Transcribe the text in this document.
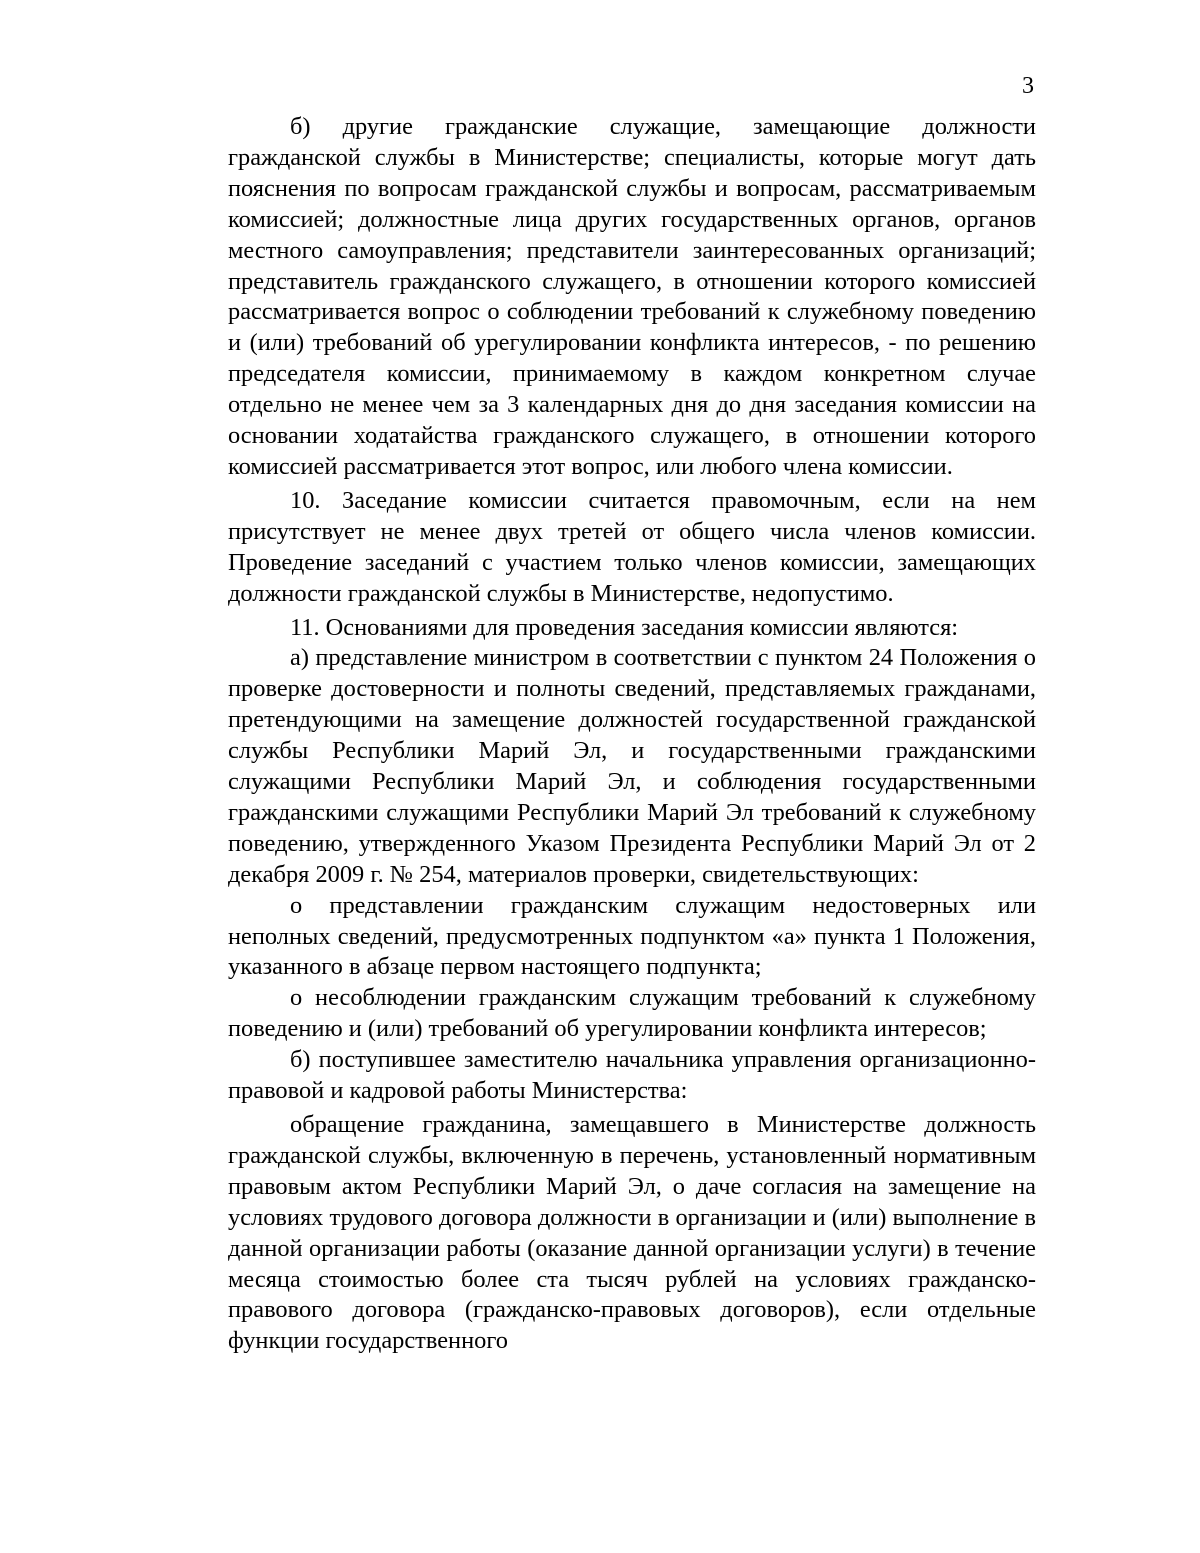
3

б) другие гражданские служащие, замещающие должности гражданской службы в Министерстве; специалисты, которые могут дать пояснения по вопросам гражданской службы и вопросам, рассматриваемым комиссией; должностные лица других государственных органов, органов местного самоуправления; представители заинтересованных организаций; представитель гражданского служащего, в отношении которого комиссией рассматривается вопрос о соблюдении требований к служебному поведению и (или) требований об урегулировании конфликта интересов, - по решению председателя комиссии, принимаемому в каждом конкретном случае отдельно не менее чем за 3 календарных дня до дня заседания комиссии на основании ходатайства гражданского служащего, в отношении которого комиссией рассматривается этот вопрос, или любого члена комиссии.

10. Заседание комиссии считается правомочным, если на нем присутствует не менее двух третей от общего числа членов комиссии. Проведение заседаний с участием только членов комиссии, замещающих должности гражданской службы в Министерстве, недопустимо.

11. Основаниями для проведения заседания комиссии являются:

а) представление министром в соответствии с пунктом 24 Положения о проверке достоверности и полноты сведений, представляемых гражданами, претендующими на замещение должностей государственной гражданской службы Республики Марий Эл, и государственными гражданскими служащими Республики Марий Эл, и соблюдения государственными гражданскими служащими Республики Марий Эл требований к служебному поведению, утвержденного Указом Президента Республики Марий Эл от 2 декабря 2009 г. № 254, материалов проверки, свидетельствующих:

о представлении гражданским служащим недостоверных или неполных сведений, предусмотренных подпунктом «а» пункта 1 Положения, указанного в абзаце первом настоящего подпункта;

о несоблюдении гражданским служащим требований к служебному поведению и (или) требований об урегулировании конфликта интересов;

б) поступившее заместителю начальника управления организационно-правовой и кадровой работы Министерства:

обращение гражданина, замещавшего в Министерстве должность гражданской службы, включенную в перечень, установленный нормативным правовым актом Республики Марий Эл, о даче согласия на замещение на условиях трудового договора должности в организации и (или) выполнение в данной организации работы (оказание данной организации услуги) в течение месяца стоимостью более ста тысяч рублей на условиях гражданско-правового договора (гражданско-правовых договоров), если отдельные функции государственного
